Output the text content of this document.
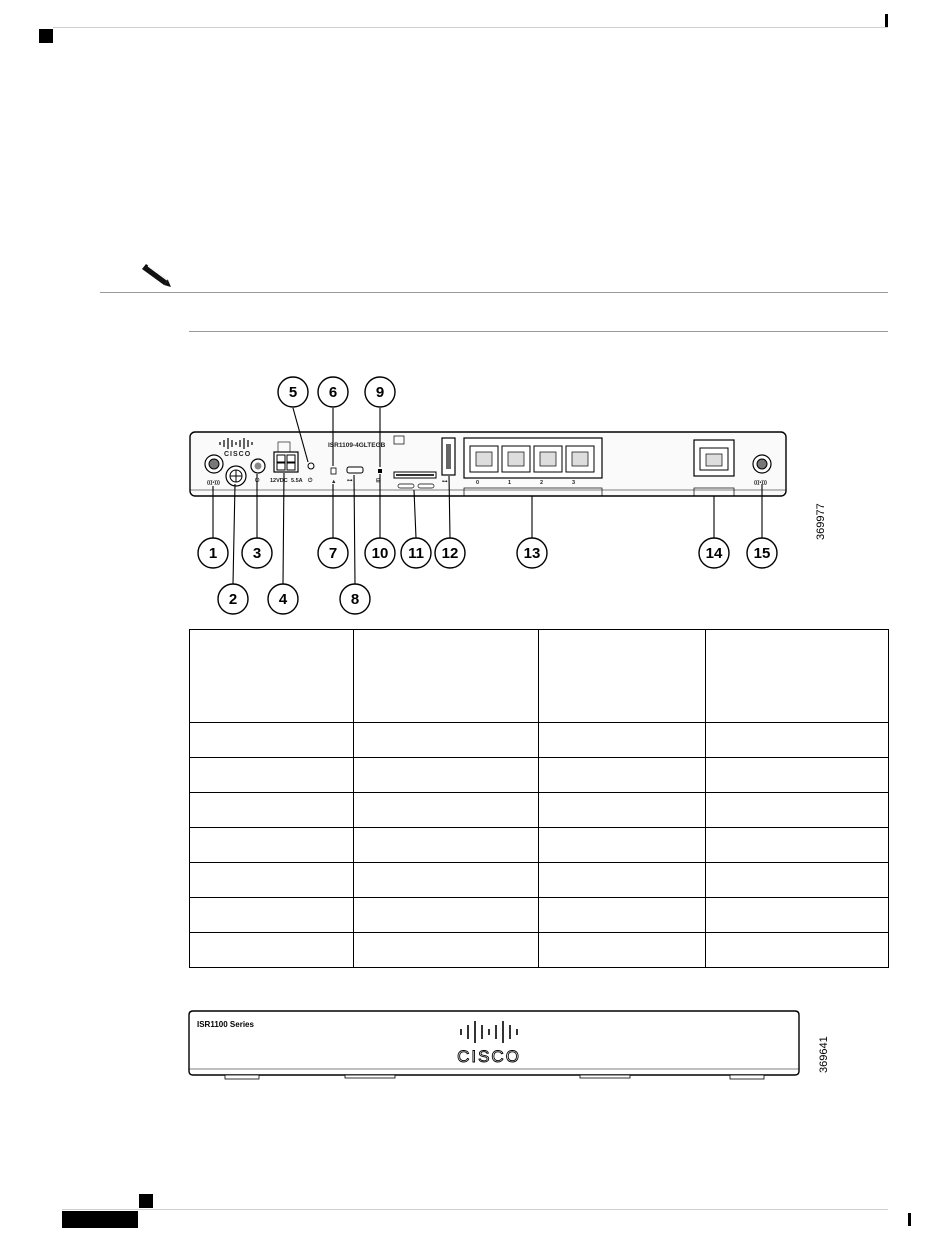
CISCO
ISR1109-4GLTEGB
(((•)))	⏻ 12VDC 5.5A ⏻	▲ ⊶	⊟	⊶	0	1	2	3	(((•)))
5 6	9
1 3	7 10 11 12	13	14 15
2	4	8
369977

ISR1100 Series
CISCO	369641
